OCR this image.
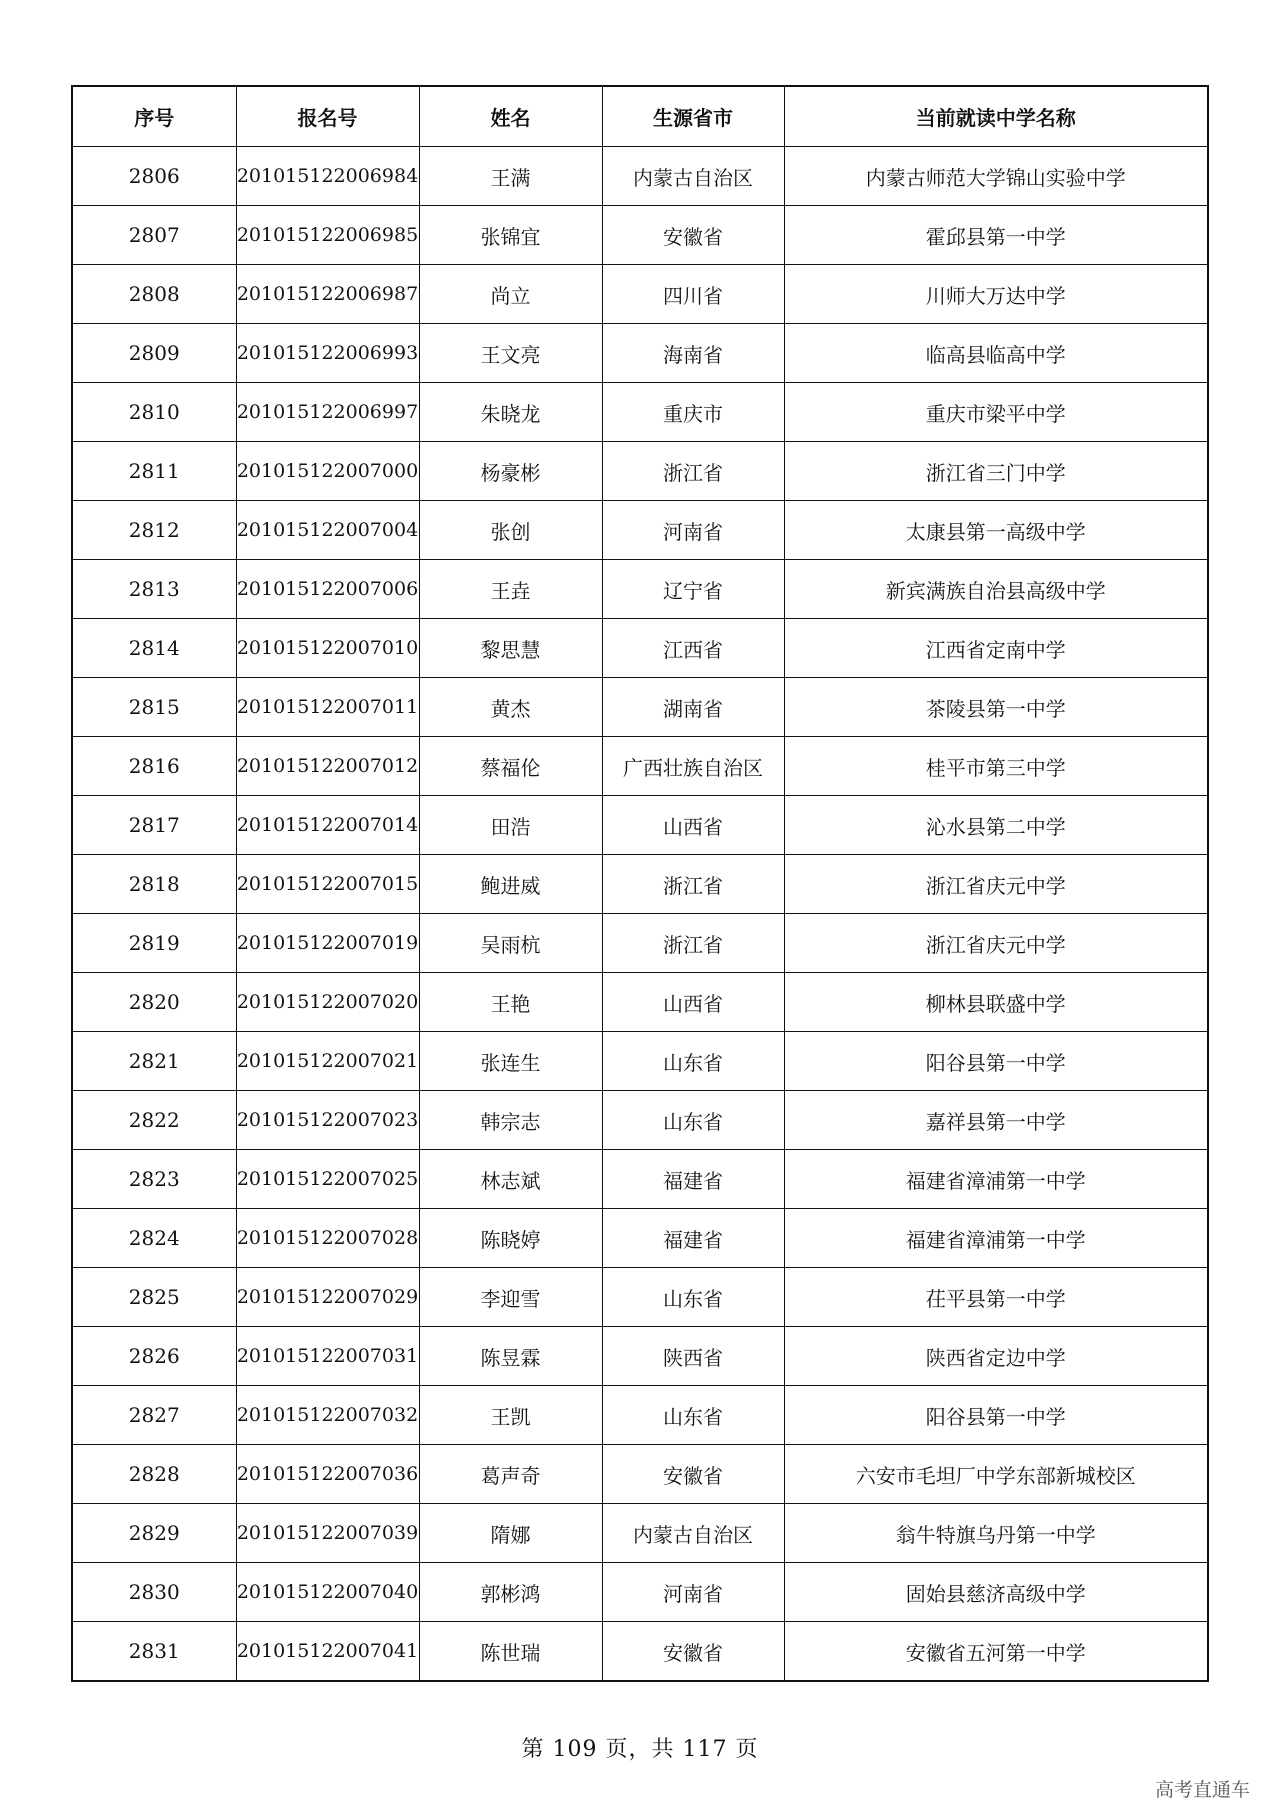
序号	报名号	姓名	生源省市	当前就读中学名称
2806	201015122006984	王满	内蒙古自治区	内蒙古师范大学锦山实验中学
2807	201015122006985	张锦宜	安徽省	霍邱县第一中学
2808	201015122006987	尚立	四川省	川师大万达中学
2809	201015122006993	王文亮	海南省	临高县临高中学
2810	201015122006997	朱晓龙	重庆市	重庆市梁平中学
2811	201015122007000	杨豪彬	浙江省	浙江省三门中学
2812	201015122007004	张创	河南省	太康县第一高级中学
2813	201015122007006	王垚	辽宁省	新宾满族自治县高级中学
2814	201015122007010	黎思慧	江西省	江西省定南中学
2815	201015122007011	黄杰	湖南省	茶陵县第一中学
2816	201015122007012	蔡福伦	广西壮族自治区	桂平市第三中学
2817	201015122007014	田浩	山西省	沁水县第二中学
2818	201015122007015	鲍进威	浙江省	浙江省庆元中学
2819	201015122007019	吴雨杭	浙江省	浙江省庆元中学
2820	201015122007020	王艳	山西省	柳林县联盛中学
2821	201015122007021	张连生	山东省	阳谷县第一中学
2822	201015122007023	韩宗志	山东省	嘉祥县第一中学
2823	201015122007025	林志斌	福建省	福建省漳浦第一中学
2824	201015122007028	陈晓婷	福建省	福建省漳浦第一中学
2825	201015122007029	李迎雪	山东省	茌平县第一中学
2826	201015122007031	陈昱霖	陕西省	陕西省定边中学
2827	201015122007032	王凯	山东省	阳谷县第一中学
2828	201015122007036	葛声奇	安徽省	六安市毛坦厂中学东部新城校区
2829	201015122007039	隋娜	内蒙古自治区	翁牛特旗乌丹第一中学
2830	201015122007040	郭彬鸿	河南省	固始县慈济高级中学
2831	201015122007041	陈世瑞	安徽省	安徽省五河第一中学
第 109 页，共 117 页
高考直通车
